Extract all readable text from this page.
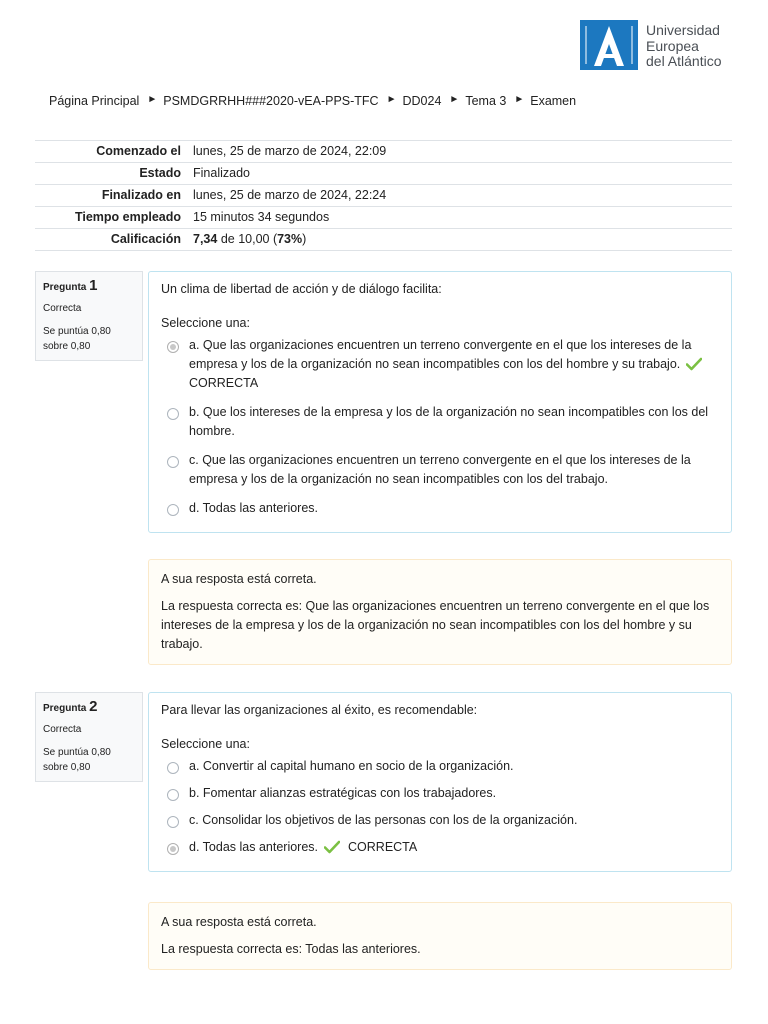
Universidad
Europea
del Atlántico
Página Principal ► PSMDGRRHH###2020-vEA-PPS-TFC ► DD024 ► Tema 3 ► Examen
Comenzado el	lunes, 25 de marzo de 2024, 22:09
Estado	Finalizado
Finalizado en	lunes, 25 de marzo de 2024, 22:24
Tiempo empleado	15 minutos 34 segundos
Calificación	7,34 de 10,00 (73%)
Pregunta 1
Correcta
Se puntúa 0,80 sobre 0,80
Un clima de libertad de acción y de diálogo facilita:
Seleccione una:
a. Que las organizaciones encuentren un terreno convergente en el que los intereses de la empresa y los de la organización no sean incompatibles con los del hombre y su trabajo.CORRECTA
b. Que los intereses de la empresa y los de la organización no sean incompatibles con los del hombre.
c. Que las organizaciones encuentren un terreno convergente en el que los intereses de la empresa y los de la organización no sean incompatibles con los del trabajo.
d. Todas las anteriores.
A sua resposta está correta.
La respuesta correcta es: Que las organizaciones encuentren un terreno convergente en el que los intereses de la empresa y los de la organización no sean incompatibles con los del hombre y su trabajo.
Pregunta 2
Correcta
Se puntúa 0,80 sobre 0,80
Para llevar las organizaciones al éxito, es recomendable:
Seleccione una:
a. Convertir al capital humano en socio de la organización.
b. Fomentar alianzas estratégicas con los trabajadores.
c. Consolidar los objetivos de las personas con los de la organización.
d. Todas las anteriores. CORRECTA
A sua resposta está correta.
La respuesta correcta es: Todas las anteriores.
